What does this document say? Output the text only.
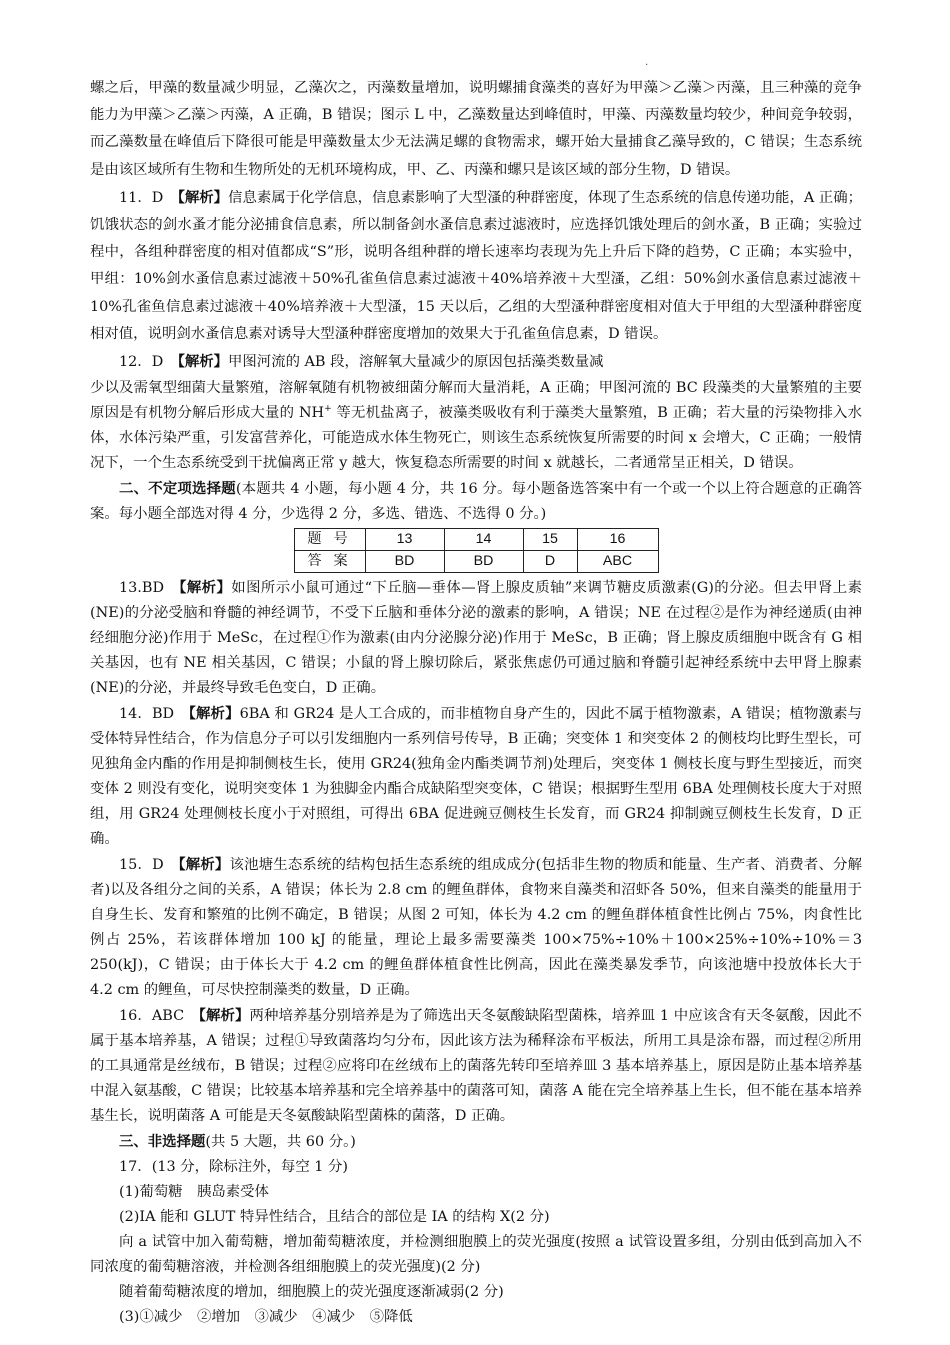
.

螺之后，甲藻的数量减少明显，乙藻次之，丙藻数量增加，说明螺捕食藻类的喜好为甲藻＞乙藻＞丙藻，且三种藻的竞争能力为甲藻＞乙藻＞丙藻，A 正确，B 错误；图示 L 中，乙藻数量达到峰值时，甲藻、丙藻数量均较少，种间竞争较弱，而乙藻数量在峰值后下降很可能是甲藻数量太少无法满足螺的食物需求，螺开始大量捕食乙藻导致的，C 错误；生态系统是由该区域所有生物和生物所处的无机环境构成，甲、乙、丙藻和螺只是该区域的部分生物，D 错误。

11．D　【解析】信息素属于化学信息，信息素影响了大型溞的种群密度，体现了生态系统的信息传递功能，A 正确；饥饿状态的剑水蚤才能分泌捕食信息素，所以制备剑水蚤信息素过滤液时，应选择饥饿处理后的剑水蚤，B 正确；实验过程中，各组种群密度的相对值都成“S”形，说明各组种群的增长速率均表现为先上升后下降的趋势，C 正确；本实验中，甲组：10%剑水蚤信息素过滤液＋50%孔雀鱼信息素过滤液＋40%培养液＋大型溞，乙组：50%剑水蚤信息素过滤液＋10%孔雀鱼信息素过滤液＋40%培养液＋大型溞，15 天以后，乙组的大型溞种群密度相对值大于甲组的大型溞种群密度相对值，说明剑水蚤信息素对诱导大型溞种群密度增加的效果大于孔雀鱼信息素，D 错误。

12．D　【解析】甲图河流的 AB 段，溶解氧大量减少的原因包括藻类数量减

少以及需氧型细菌大量繁殖，溶解氧随有机物被细菌分解而大量消耗，A 正确；甲图河流的 BC 段藻类的大量繁殖的主要原因是有机物分解后形成大量的 NH+ 等无机盐离子，被藻类吸收有利于藻类大量繁殖，B 正确；若大量的污染物排入水体，水体污染严重，引发富营养化，可能造成水体生物死亡，则该生态系统恢复所需要的时间 x 会增大，C 正确；一般情况下，一个生态系统受到干扰偏离正常 y 越大，恢复稳态所需要的时间 x 就越长，二者通常呈正相关，D 错误。

二、不定项选择题(本题共 4 小题，每小题 4 分，共 16 分。每小题备选答案中有一个或一个以上符合题意的正确答案。每小题全部选对得 4 分，少选得 2 分，多选、错选、不选得 0 分。)

题 号	13	14	15	16
答 案	BD	BD	D	ABC

13.BD　【解析】如图所示小鼠可通过“下丘脑—垂体—肾上腺皮质轴”来调节糖皮质激素(G)的分泌。但去甲肾上素(NE)的分泌受脑和脊髓的神经调节，不受下丘脑和垂体分泌的激素的影响，A 错误；NE 在过程②是作为神经递质(由神经细胞分泌)作用于 MeSc，在过程①作为激素(由内分泌腺分泌)作用于 MeSc，B 正确；肾上腺皮质细胞中既含有 G 相关基因，也有 NE 相关基因，C 错误；小鼠的肾上腺切除后，紧张焦虑仍可通过脑和脊髓引起神经系统中去甲肾上腺素(NE)的分泌，并最终导致毛色变白，D 正确。

14．BD　【解析】6BA 和 GR24 是人工合成的，而非植物自身产生的，因此不属于植物激素，A 错误；植物激素与受体特异性结合，作为信息分子可以引发细胞内一系列信号传导，B 正确；突变体 1 和突变体 2 的侧枝均比野生型长，可见独角金内酯的作用是抑制侧枝生长，使用 GR24(独角金内酯类调节剂)处理后，突变体 1 侧枝长度与野生型接近，而突变体 2 则没有变化，说明突变体 1 为独脚金内酯合成缺陷型突变体，C 错误；根据野生型用 6BA 处理侧枝长度大于对照组，用 GR24 处理侧枝长度小于对照组，可得出 6BA 促进豌豆侧枝生长发育，而 GR24 抑制豌豆侧枝生长发育，D 正确。

15．D　【解析】该池塘生态系统的结构包括生态系统的组成成分(包括非生物的物质和能量、生产者、消费者、分解者)以及各组分之间的关系，A 错误；体长为 2.8 cm 的鲤鱼群体，食物来自藻类和沼虾各 50%，但来自藻类的能量用于自身生长、发育和繁殖的比例不确定，B 错误；从图 2 可知，体长为 4.2 cm 的鲤鱼群体植食性比例占 75%，肉食性比例占 25%，若该群体增加 100 kJ 的能量，理论上最多需要藻类 100×75%÷10%＋100×25%÷10%÷10%＝3 250(kJ)，C 错误；由于体长大于 4.2 cm 的鲤鱼群体植食性比例高，因此在藻类暴发季节，向该池塘中投放体长大于 4.2 cm 的鲤鱼，可尽快控制藻类的数量，D 正确。

16．ABC　【解析】两种培养基分别培养是为了筛选出天冬氨酸缺陷型菌株，培养皿 1 中应该含有天冬氨酸，因此不属于基本培养基，A 错误；过程①导致菌落均匀分布，因此该方法为稀释涂布平板法，所用工具是涂布器，而过程②所用的工具通常是丝绒布，B 错误；过程②应将印在丝绒布上的菌落先转印至培养皿 3 基本培养基上，原因是防止基本培养基中混入氨基酸，C 错误；比较基本培养基和完全培养基中的菌落可知，菌落 A 能在完全培养基上生长，但不能在基本培养基生长，说明菌落 A 可能是天冬氨酸缺陷型菌株的菌落，D 正确。

三、非选择题(共 5 大题，共 60 分。)

17．(13 分，除标注外，每空 1 分)

(1)葡萄糖　胰岛素受体

(2)IA 能和 GLUT 特异性结合，且结合的部位是 IA 的结构 X(2 分)

向 a 试管中加入葡萄糖，增加葡萄糖浓度，并检测细胞膜上的荧光强度(按照 a 试管设置多组，分别由低到高加入不同浓度的葡萄糖溶液，并检测各组细胞膜上的荧光强度)(2 分)

随着葡萄糖浓度的增加，细胞膜上的荧光强度逐渐减弱(2 分)

(3)①减少　②增加　③减少　④减少　⑤降低
